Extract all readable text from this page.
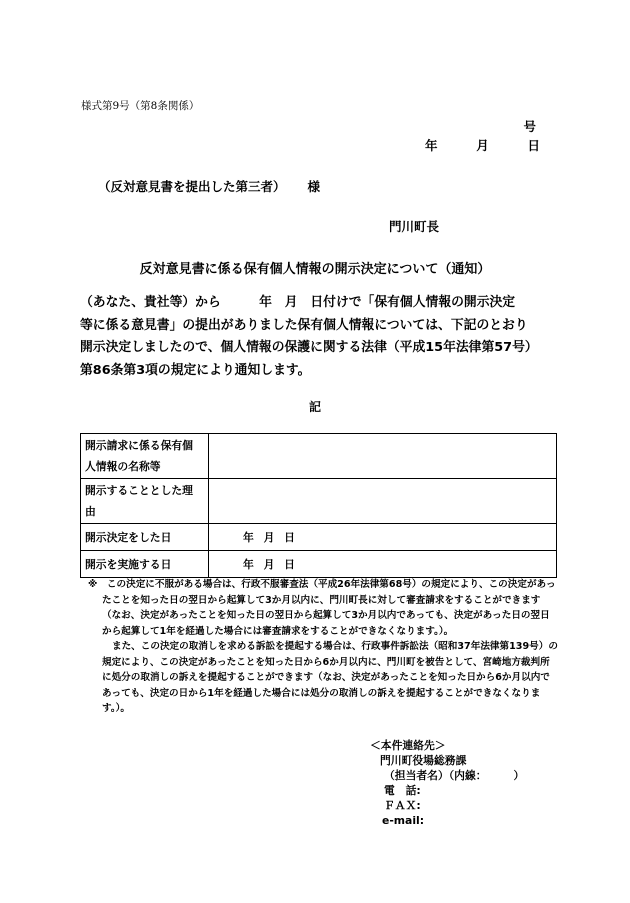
様式第9号（第8条関係）
号
年	月	日
（反対意見書を提出した第三者） 様
門川町長
反対意見書に係る保有個人情報の開示決定について（通知）

（あなた、貴社等）から　　　年　月　日付けで「保有個人情報の開示決定

等に係る意見書」の提出がありました保有個人情報については、下記のとおり

開示決定しましたので、個人情報の保護に関する法律（平成15年法律第57号）

第86条第3項の規定により通知します。

記
開示請求に係る保有個
人情報の名称等	

開示することとした理
由	

開示決定をした日	年 月 日

開示を実施する日	年 月 日

※　この決定に不服がある場合は、行政不服審査法（平成26年法律第68号）の規定により、この決定があったことを知った日の翌日から起算して3か月以内に、門川町長に対して審査請求をすることができます（なお、決定があったことを知った日の翌日から起算して3か月以内であっても、決定があった日の翌日から起算して1年を経過した場合には審査請求をすることができなくなります。）。

また、この決定の取消しを求める訴訟を提起する場合は、行政事件訴訟法（昭和37年法律第139号）の規定により、この決定があったことを知った日から6か月以内に、門川町を被告として、宮崎地方裁判所に処分の取消しの訴えを提起することができます（なお、決定があったことを知った日から6か月以内であっても、決定の日から1年を経過した場合には処分の取消しの訴えを提起することができなくなります。）。

＜本件連絡先＞
門川町役場総務課
（担当者名）（内線：　　　）
電　話:
ＦＡＸ:
e-mail:
